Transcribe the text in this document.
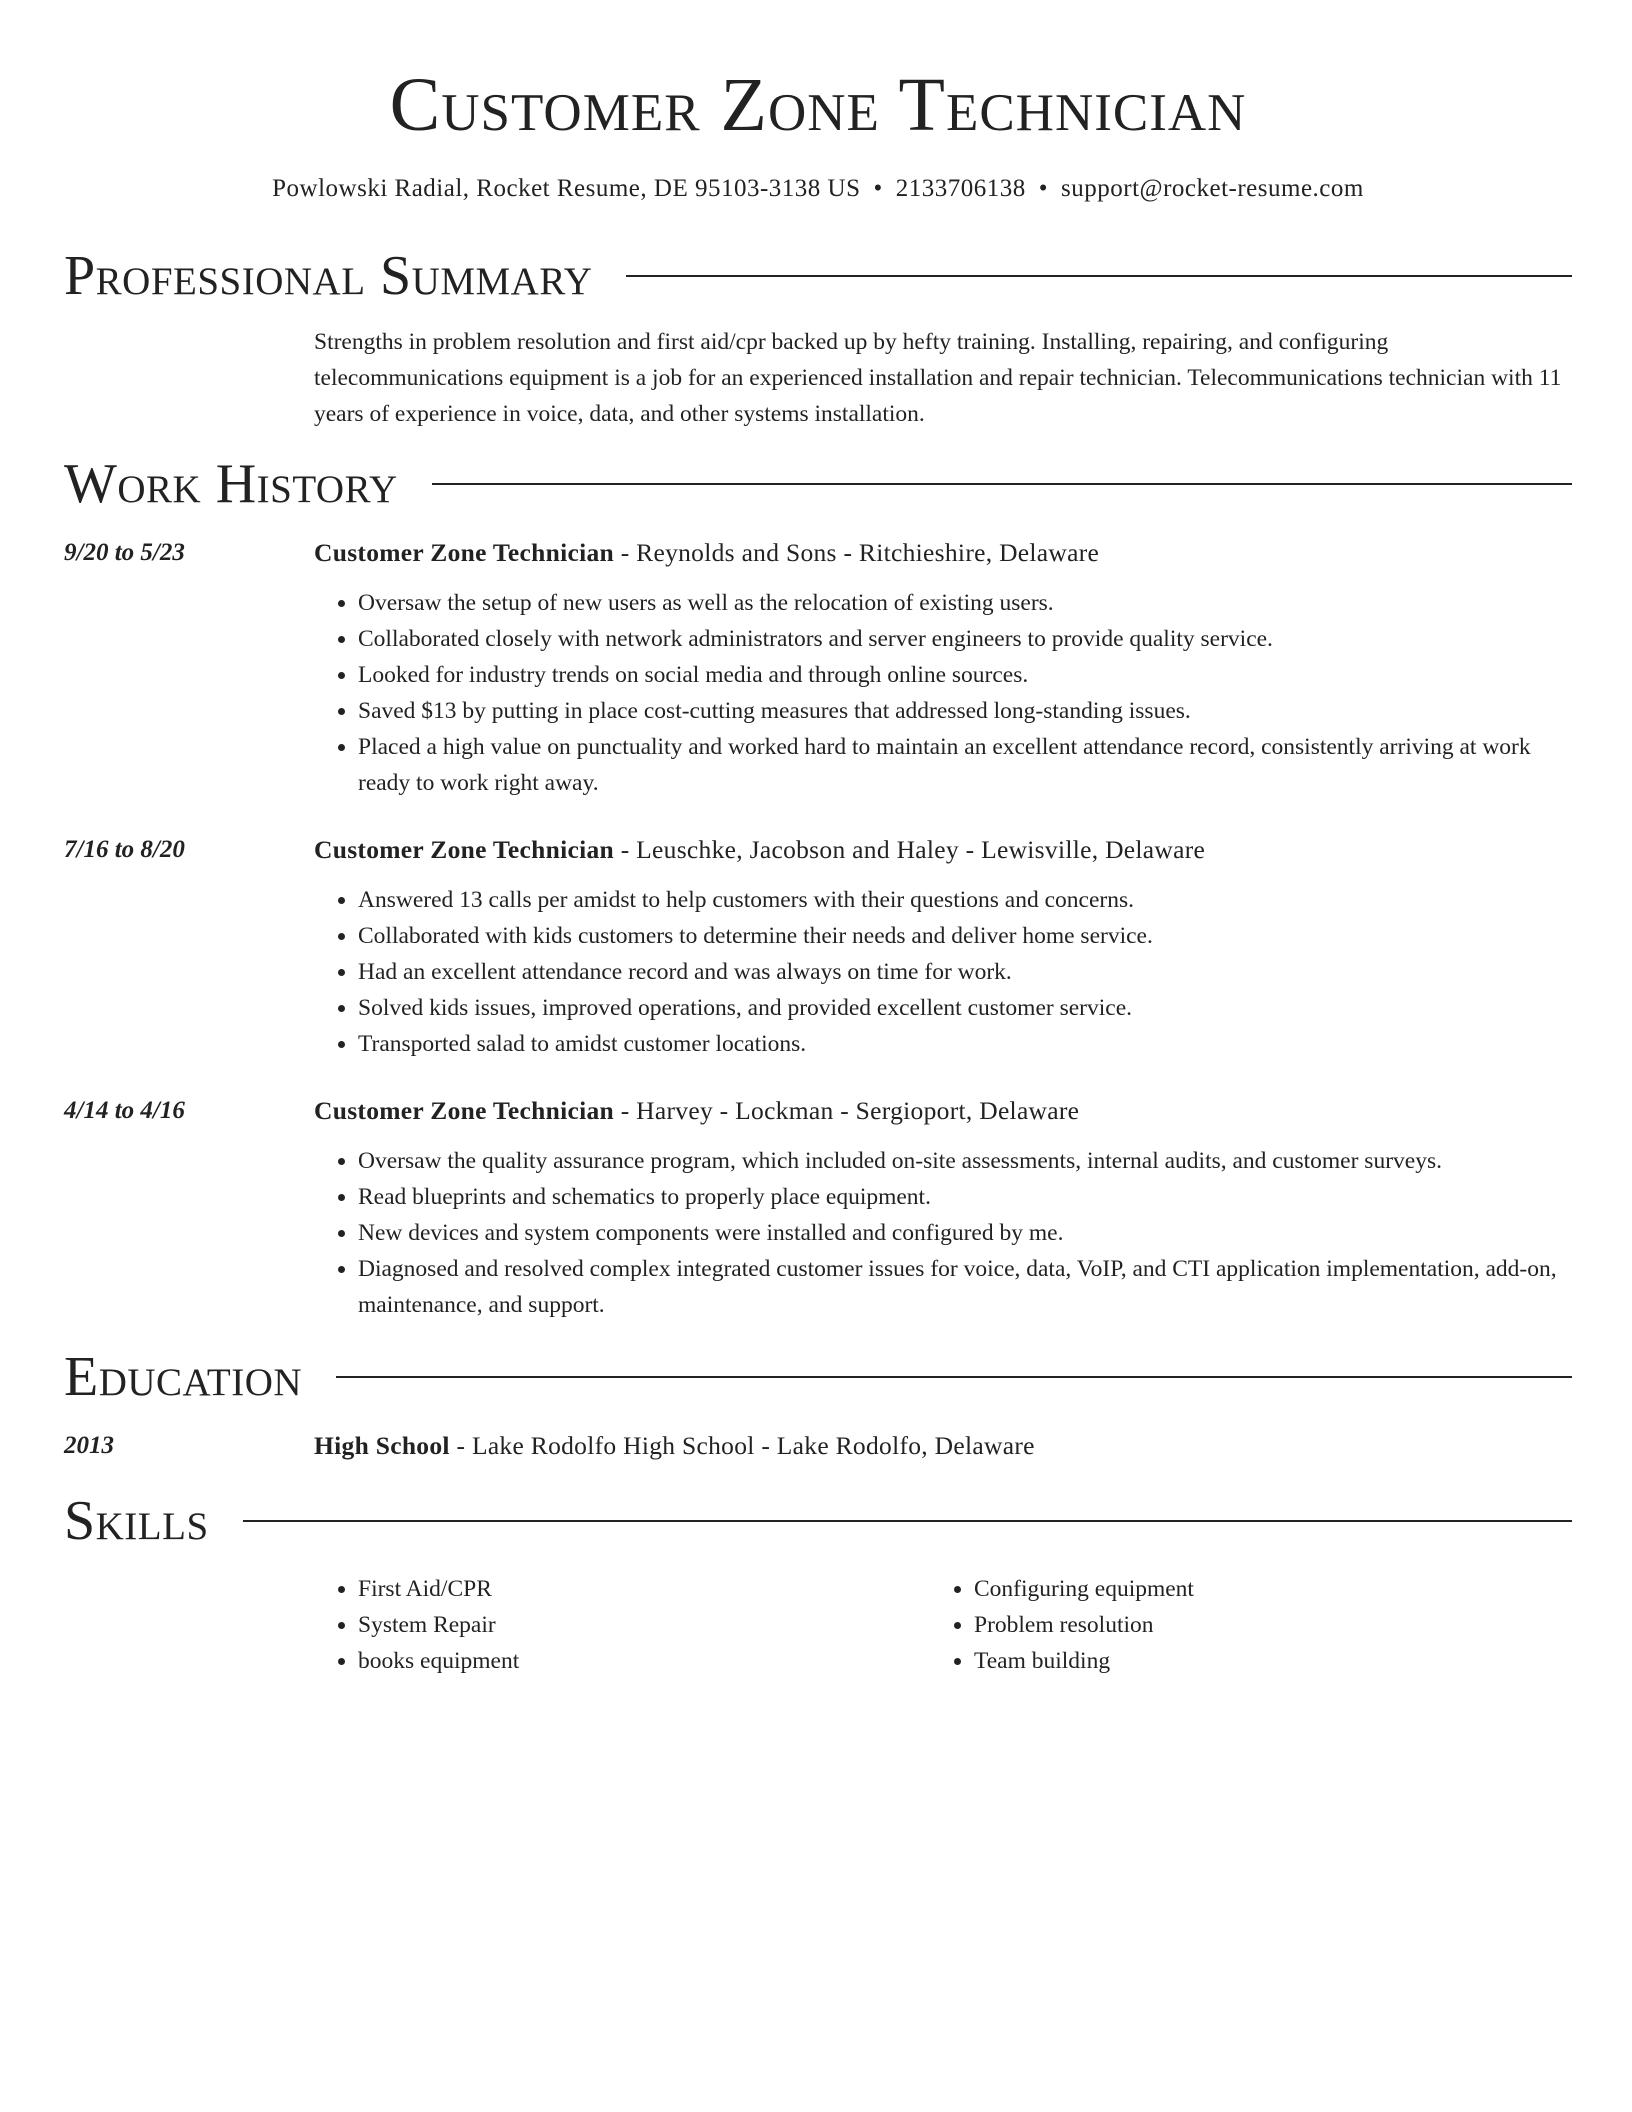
Customer Zone Technician
Powlowski Radial, Rocket Resume, DE 95103-3138 US • 2133706138 • support@rocket-resume.com
Professional Summary
Strengths in problem resolution and first aid/cpr backed up by hefty training. Installing, repairing, and configuring telecommunications equipment is a job for an experienced installation and repair technician. Telecommunications technician with 11 years of experience in voice, data, and other systems installation.
Work History
9/20 to 5/23	Customer Zone Technician - Reynolds and Sons - Ritchieshire, Delaware
• Oversaw the setup of new users as well as the relocation of existing users.
• Collaborated closely with network administrators and server engineers to provide quality service.
• Looked for industry trends on social media and through online sources.
• Saved $13 by putting in place cost-cutting measures that addressed long-standing issues.
• Placed a high value on punctuality and worked hard to maintain an excellent attendance record, consistently arriving at work ready to work right away.
7/16 to 8/20	Customer Zone Technician - Leuschke, Jacobson and Haley - Lewisville, Delaware
• Answered 13 calls per amidst to help customers with their questions and concerns.
• Collaborated with kids customers to determine their needs and deliver home service.
• Had an excellent attendance record and was always on time for work.
• Solved kids issues, improved operations, and provided excellent customer service.
• Transported salad to amidst customer locations.
4/14 to 4/16	Customer Zone Technician - Harvey - Lockman - Sergioport, Delaware
• Oversaw the quality assurance program, which included on-site assessments, internal audits, and customer surveys.
• Read blueprints and schematics to properly place equipment.
• New devices and system components were installed and configured by me.
• Diagnosed and resolved complex integrated customer issues for voice, data, VoIP, and CTI application implementation, add-on, maintenance, and support.
Education
2013	High School - Lake Rodolfo High School - Lake Rodolfo, Delaware
Skills
• First Aid/CPR
• System Repair
• books equipment
• Configuring equipment
• Problem resolution
• Team building
